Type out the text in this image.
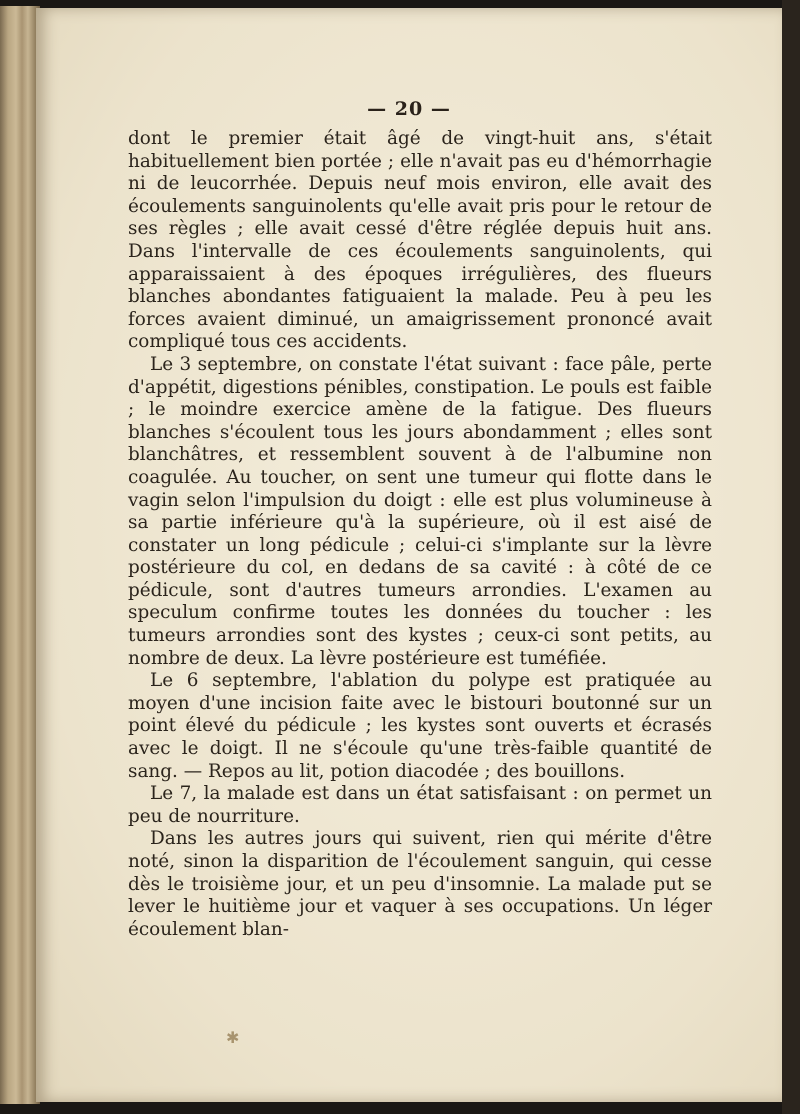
— 20 —

dont le premier était âgé de vingt-huit ans, s'était habituellement bien portée ; elle n'avait pas eu d'hémorrhagie ni de leucorrhée. Depuis neuf mois environ, elle avait des écoulements sanguinolents qu'elle avait pris pour le retour de ses règles ; elle avait cessé d'être réglée depuis huit ans. Dans l'intervalle de ces écoulements sanguinolents, qui apparaissaient à des époques irrégulières, des flueurs blanches abondantes fatiguaient la malade. Peu à peu les forces avaient diminué, un amaigrissement prononcé avait compliqué tous ces accidents.

Le 3 septembre, on constate l'état suivant : face pâle, perte d'appétit, digestions pénibles, constipation. Le pouls est faible ; le moindre exercice amène de la fatigue. Des flueurs blanches s'écoulent tous les jours abondamment ; elles sont blanchâtres, et ressemblent souvent à de l'albumine non coagulée. Au toucher, on sent une tumeur qui flotte dans le vagin selon l'impulsion du doigt : elle est plus volumineuse à sa partie inférieure qu'à la supérieure, où il est aisé de constater un long pédicule ; celui-ci s'implante sur la lèvre postérieure du col, en dedans de sa cavité : à côté de ce pédicule, sont d'autres tumeurs arrondies. L'examen au speculum confirme toutes les données du toucher : les tumeurs arrondies sont des kystes ; ceux-ci sont petits, au nombre de deux. La lèvre postérieure est tuméfiée.

Le 6 septembre, l'ablation du polype est pratiquée au moyen d'une incision faite avec le bistouri boutonné sur un point élevé du pédicule ; les kystes sont ouverts et écrasés avec le doigt. Il ne s'écoule qu'une très-faible quantité de sang. — Repos au lit, potion diacodée ; des bouillons.

Le 7, la malade est dans un état satisfaisant : on permet un peu de nourriture.

Dans les autres jours qui suivent, rien qui mérite d'être noté, sinon la disparition de l'écoulement sanguin, qui cesse dès le troisième jour, et un peu d'insomnie. La malade put se lever le huitième jour et vaquer à ses occupations. Un léger écoulement blan-

✱
